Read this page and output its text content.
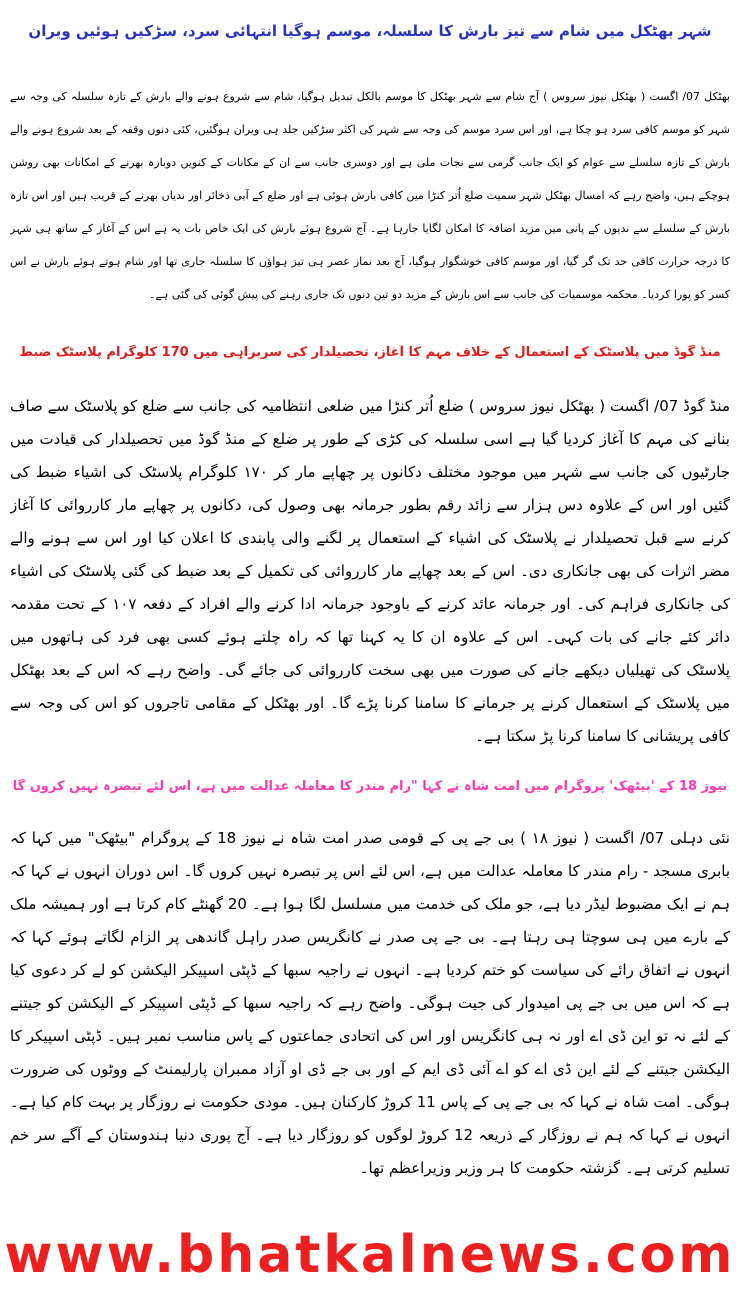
شہر بھٹکل میں شام سے تیز بارش کا سلسلہ، موسم ہوگیا انتہائی سرد، سڑکیں ہوئیں ویران

بھٹکل 07/ اگست ( بھٹکل نیوز سروس ) آج شام سے شہر بھٹکل کا موسم بالکل تبدیل ہوگیا، شام سے شروع ہونے والے بارش کے تازہ سلسلہ کی وجہ سے شہر کو موسم کافی سرد ہو چکا ہے، اور اس سرد موسم کی وجہ سے شہر کی اکثر سڑکیں جلد ہی ویران ہوگئیں، کئی دنوں وقفہ کے بعد شروع ہونے والے بارش کے تازہ سلسلے سے عوام کو ایک جانب گرمی سے نجات ملی ہے اور دوسری جانب سے ان کے مکانات کے کنویں دوبارہ بھرنے کے امکانات بھی روشن ہوچکے ہیں، واضح رہے کہ امسال بھٹکل شہر سمیت ضلع اُتر کنڑا میں کافی بارش ہوئی ہے اور ضلع کے آبی ذخائر اور ندیاں بھرنے کے قریب ہیں اور اس تازہ بارش کے سلسلے سے ندیوں کے پانی میں مزید اضافہ کا امکان لگایا جارہا ہے۔ آج شروع ہوئے بارش کی ایک خاص بات یہ ہے اس کے آغاز کے ساتھ ہی شہر کا درجہ حرارت کافی حد تک گر گیا، اور موسم کافی خوشگوار ہوگیا، آج بعد نماز عصر ہی تیز ہواؤں کا سلسلہ جاری تھا اور شام ہوتے ہوئے بارش نے اس کسر کو پورا کردیا۔ محکمہ موسمیات کی جانب سے اس بارش کے مزید دو تین دنوں تک جاری رہنے کی پیش گوئی کی گئی ہے۔

منڈ گوڈ میں پلاسٹک کے استعمال کے خلاف مہم کا آغاز، تحصیلدار کی سربراہی میں 170 کلوگرام پلاسٹک ضبط

منڈ گوڈ 07/ اگست ( بھٹکل نیوز سروس ) ضلع اُتر کنڑا میں ضلعی انتظامیہ کی جانب سے ضلع کو پلاسٹک سے صاف بنانے کی مہم کا آغاز کردیا گیا ہے اسی سلسلہ کی کڑی کے طور پر ضلع کے منڈ گوڈ میں تحصیلدار کی قیادت میں جارٹیوں کی جانب سے شہر میں موجود مختلف دکانوں پر چھاپے مار کر ۱۷۰ کلوگرام پلاسٹک کی اشیاء ضبط کی گئیں اور اس کے علاوہ دس ہزار سے زائد رقم بطور جرمانہ بھی وصول کی، دکانوں پر چھاپے مار کارروائی کا آغاز کرنے سے قبل تحصیلدار نے پلاسٹک کی اشیاء کے استعمال پر لگنے والی پابندی کا اعلان کیا اور اس سے ہونے والے مضر اثرات کی بھی جانکاری دی۔ اس کے بعد چھاپے مار کارروائی کی تکمیل کے بعد ضبط کی گئی پلاسٹک کی اشیاء کی جانکاری فراہم کی۔ اور جرمانہ عائد کرنے کے باوجود جرمانہ ادا کرنے والے افراد کے دفعہ ۱۰۷ کے تحت مقدمہ دائر کئے جانے کی بات کہی۔ اس کے علاوہ ان کا یہ کہنا تھا کہ راہ چلتے ہوئے کسی بھی فرد کی ہاتھوں میں پلاسٹک کی تھیلیاں دیکھے جانے کی صورت میں بھی سخت کارروائی کی جائے گی۔ واضح رہے کہ اس کے بعد بھٹکل میں پلاسٹک کے استعمال کرنے پر جرمانے کا سامنا کرنا پڑے گا۔ اور بھٹکل کے مقامی تاجروں کو اس کی وجہ سے کافی پریشانی کا سامنا کرنا پڑ سکتا ہے۔

نیوز 18 کے 'بیٹھک' پروگرام میں امت شاہ نے کہا "رام مندر کا معاملہ عدالت میں ہے، اس لئے تبصرہ نہیں کروں گا

نئی دہلی 07/ اگست ( نیوز ۱۸ ) بی جے پی کے قومی صدر امت شاہ نے نیوز 18 کے پروگرام "بیٹھک" میں کہا کہ بابری مسجد - رام مندر کا معاملہ عدالت میں ہے، اس لئے اس پر تبصرہ نہیں کروں گا۔ اس دوران انہوں نے کہا کہ ہم نے ایک مضبوط لیڈر دیا ہے، جو ملک کی خدمت میں مسلسل لگا ہوا ہے۔ 20 گھنٹے کام کرتا ہے اور ہمیشہ ملک کے بارے میں ہی سوچتا ہی رہتا ہے۔ بی جے پی صدر نے کانگریس صدر راہل گاندھی پر الزام لگاتے ہوئے کہا کہ انہوں نے اتفاق رائے کی سیاست کو ختم کردیا ہے۔ انہوں نے راجیہ سبھا کے ڈپٹی اسپیکر الیکشن کو لے کر دعوی کیا ہے کہ اس میں بی جے پی امیدوار کی جیت ہوگی۔ واضح رہے کہ راجیہ سبھا کے ڈپٹی اسپیکر کے الیکشن کو جیتنے کے لئے نہ تو این ڈی اے اور نہ ہی کانگریس اور اس کی اتحادی جماعتوں کے پاس مناسب نمبر ہیں۔ ڈپٹی اسپیکر کا الیکشن جیتنے کے لئے این ڈی اے کو اے آئی ڈی ایم کے اور بی جے ڈی او آزاد ممبران پارلیمنٹ کے ووٹوں کی ضرورت ہوگی۔ امت شاہ نے کہا کہ بی جے پی کے پاس 11 کروڑ کارکنان ہیں۔ مودی حکومت نے روزگار پر بہت کام کیا ہے۔ انہوں نے کہا کہ ہم نے روزگار کے ذریعہ 12 کروڑ لوگوں کو روزگار دیا ہے۔ آج پوری دنیا ہندوستان کے آگے سر خم تسلیم کرتی ہے۔ گزشتہ حکومت کا ہر وزیر وزیراعظم تھا۔

www.bhatkalnews.com
